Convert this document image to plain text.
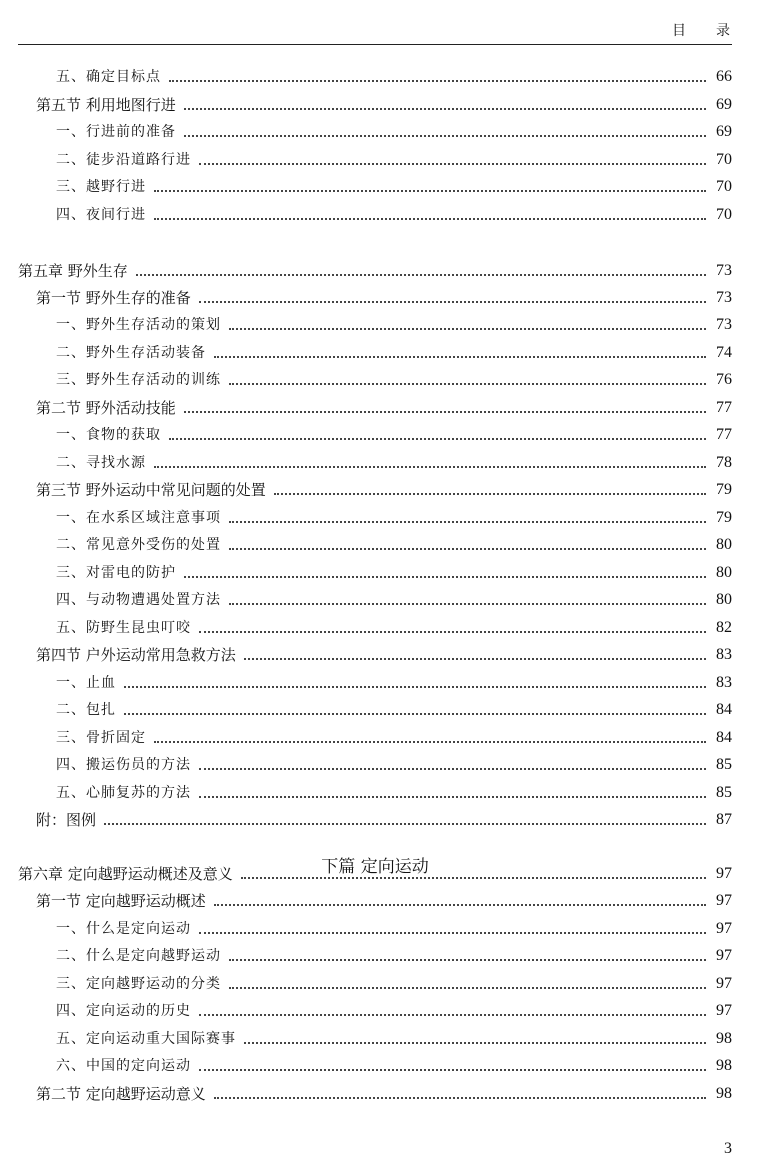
目录
五、确定目标点	66
第五节 利用地图行进	69
一、行进前的准备	69
二、徒步沿道路行进	70
三、越野行进	70
四、夜间行进	70
第五章 野外生存	73
第一节 野外生存的准备	73
一、野外生存活动的策划	73
二、野外生存活动装备	74
三、野外生存活动的训练	76
第二节 野外活动技能	77
一、食物的获取	77
二、寻找水源	78
第三节 野外运动中常见问题的处置	79
一、在水系区域注意事项	79
二、常见意外受伤的处置	80
三、对雷电的防护	80
四、与动物遭遇处置方法	80
五、防野生昆虫叮咬	82
第四节 户外运动常用急救方法	83
一、止血	83
二、包扎	84
三、骨折固定	84
四、搬运伤员的方法	85
五、心肺复苏的方法	85
附：图例	87
第六章 定向越野运动概述及意义	97
第一节 定向越野运动概述	97
一、什么是定向运动	97
二、什么是定向越野运动	97
三、定向越野运动的分类	97
四、定向运动的历史	97
五、定向运动重大国际赛事	98
六、中国的定向运动	98
第二节 定向越野运动意义	98
下篇 定向运动
3
